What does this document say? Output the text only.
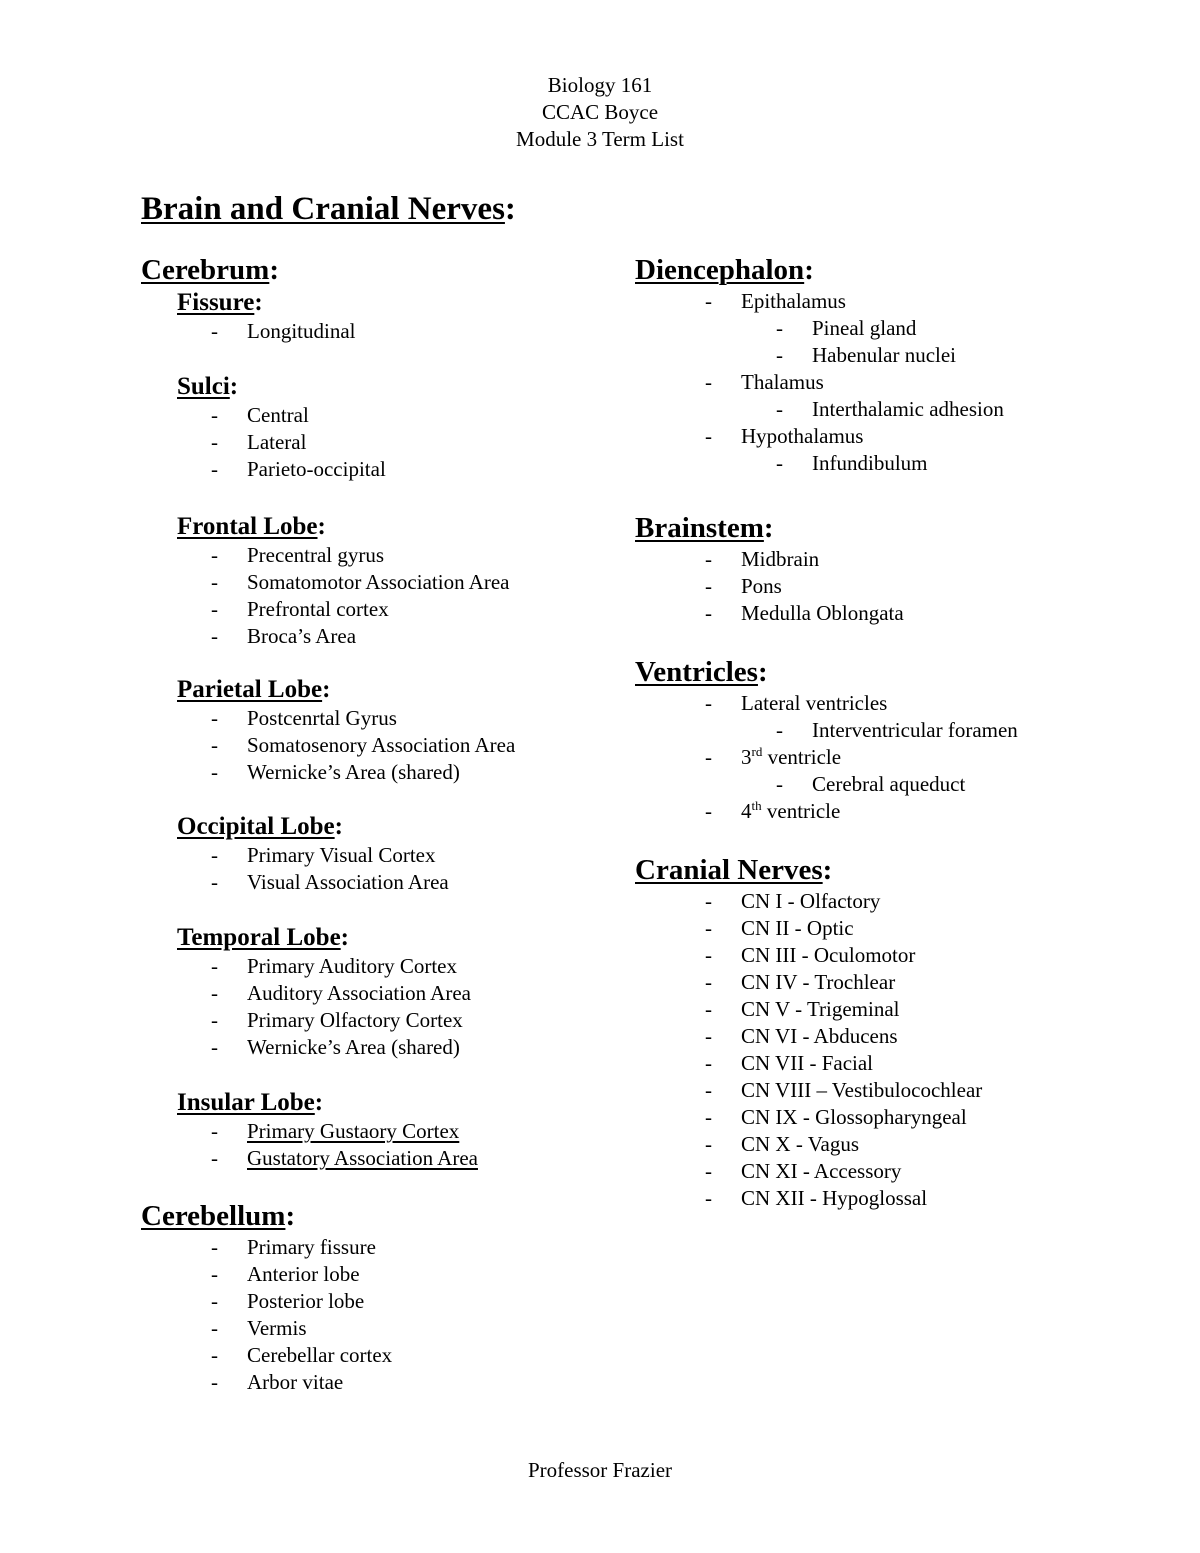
Biology 161
CCAC Boyce
Module 3 Term List
Brain and Cranial Nerves:
Cerebrum:
Fissure:
- Longitudinal
Sulci:
- Central
- Lateral
- Parieto-occipital
Frontal Lobe:
- Precentral gyrus
- Somatomotor Association Area
- Prefrontal cortex
- Broca’s Area
Parietal Lobe:
- Postcenrtal Gyrus
- Somatosenory Association Area
- Wernicke’s Area (shared)
Occipital Lobe:
- Primary Visual Cortex
- Visual Association Area
Temporal Lobe:
- Primary Auditory Cortex
- Auditory Association Area
- Primary Olfactory Cortex
- Wernicke’s Area (shared)
Insular Lobe:
- Primary Gustaory Cortex
- Gustatory Association Area
Cerebellum:
- Primary fissure
- Anterior lobe
- Posterior lobe
- Vermis
- Cerebellar cortex
- Arbor vitae
Diencephalon:
- Epithalamus
- Pineal gland
- Habenular nuclei
- Thalamus
- Interthalamic adhesion
- Hypothalamus
- Infundibulum
Brainstem:
- Midbrain
- Pons
- Medulla Oblongata
Ventricles:
- Lateral ventricles
- Interventricular foramen
- 3rd ventricle
- Cerebral aqueduct
- 4th ventricle
Cranial Nerves:
- CN I - Olfactory
- CN II - Optic
- CN III - Oculomotor
- CN IV - Trochlear
- CN V - Trigeminal
- CN VI - Abducens
- CN VII - Facial
- CN VIII – Vestibulocochlear
- CN IX - Glossopharyngeal
- CN X - Vagus
- CN XI - Accessory
- CN XII - Hypoglossal
Professor Frazier
